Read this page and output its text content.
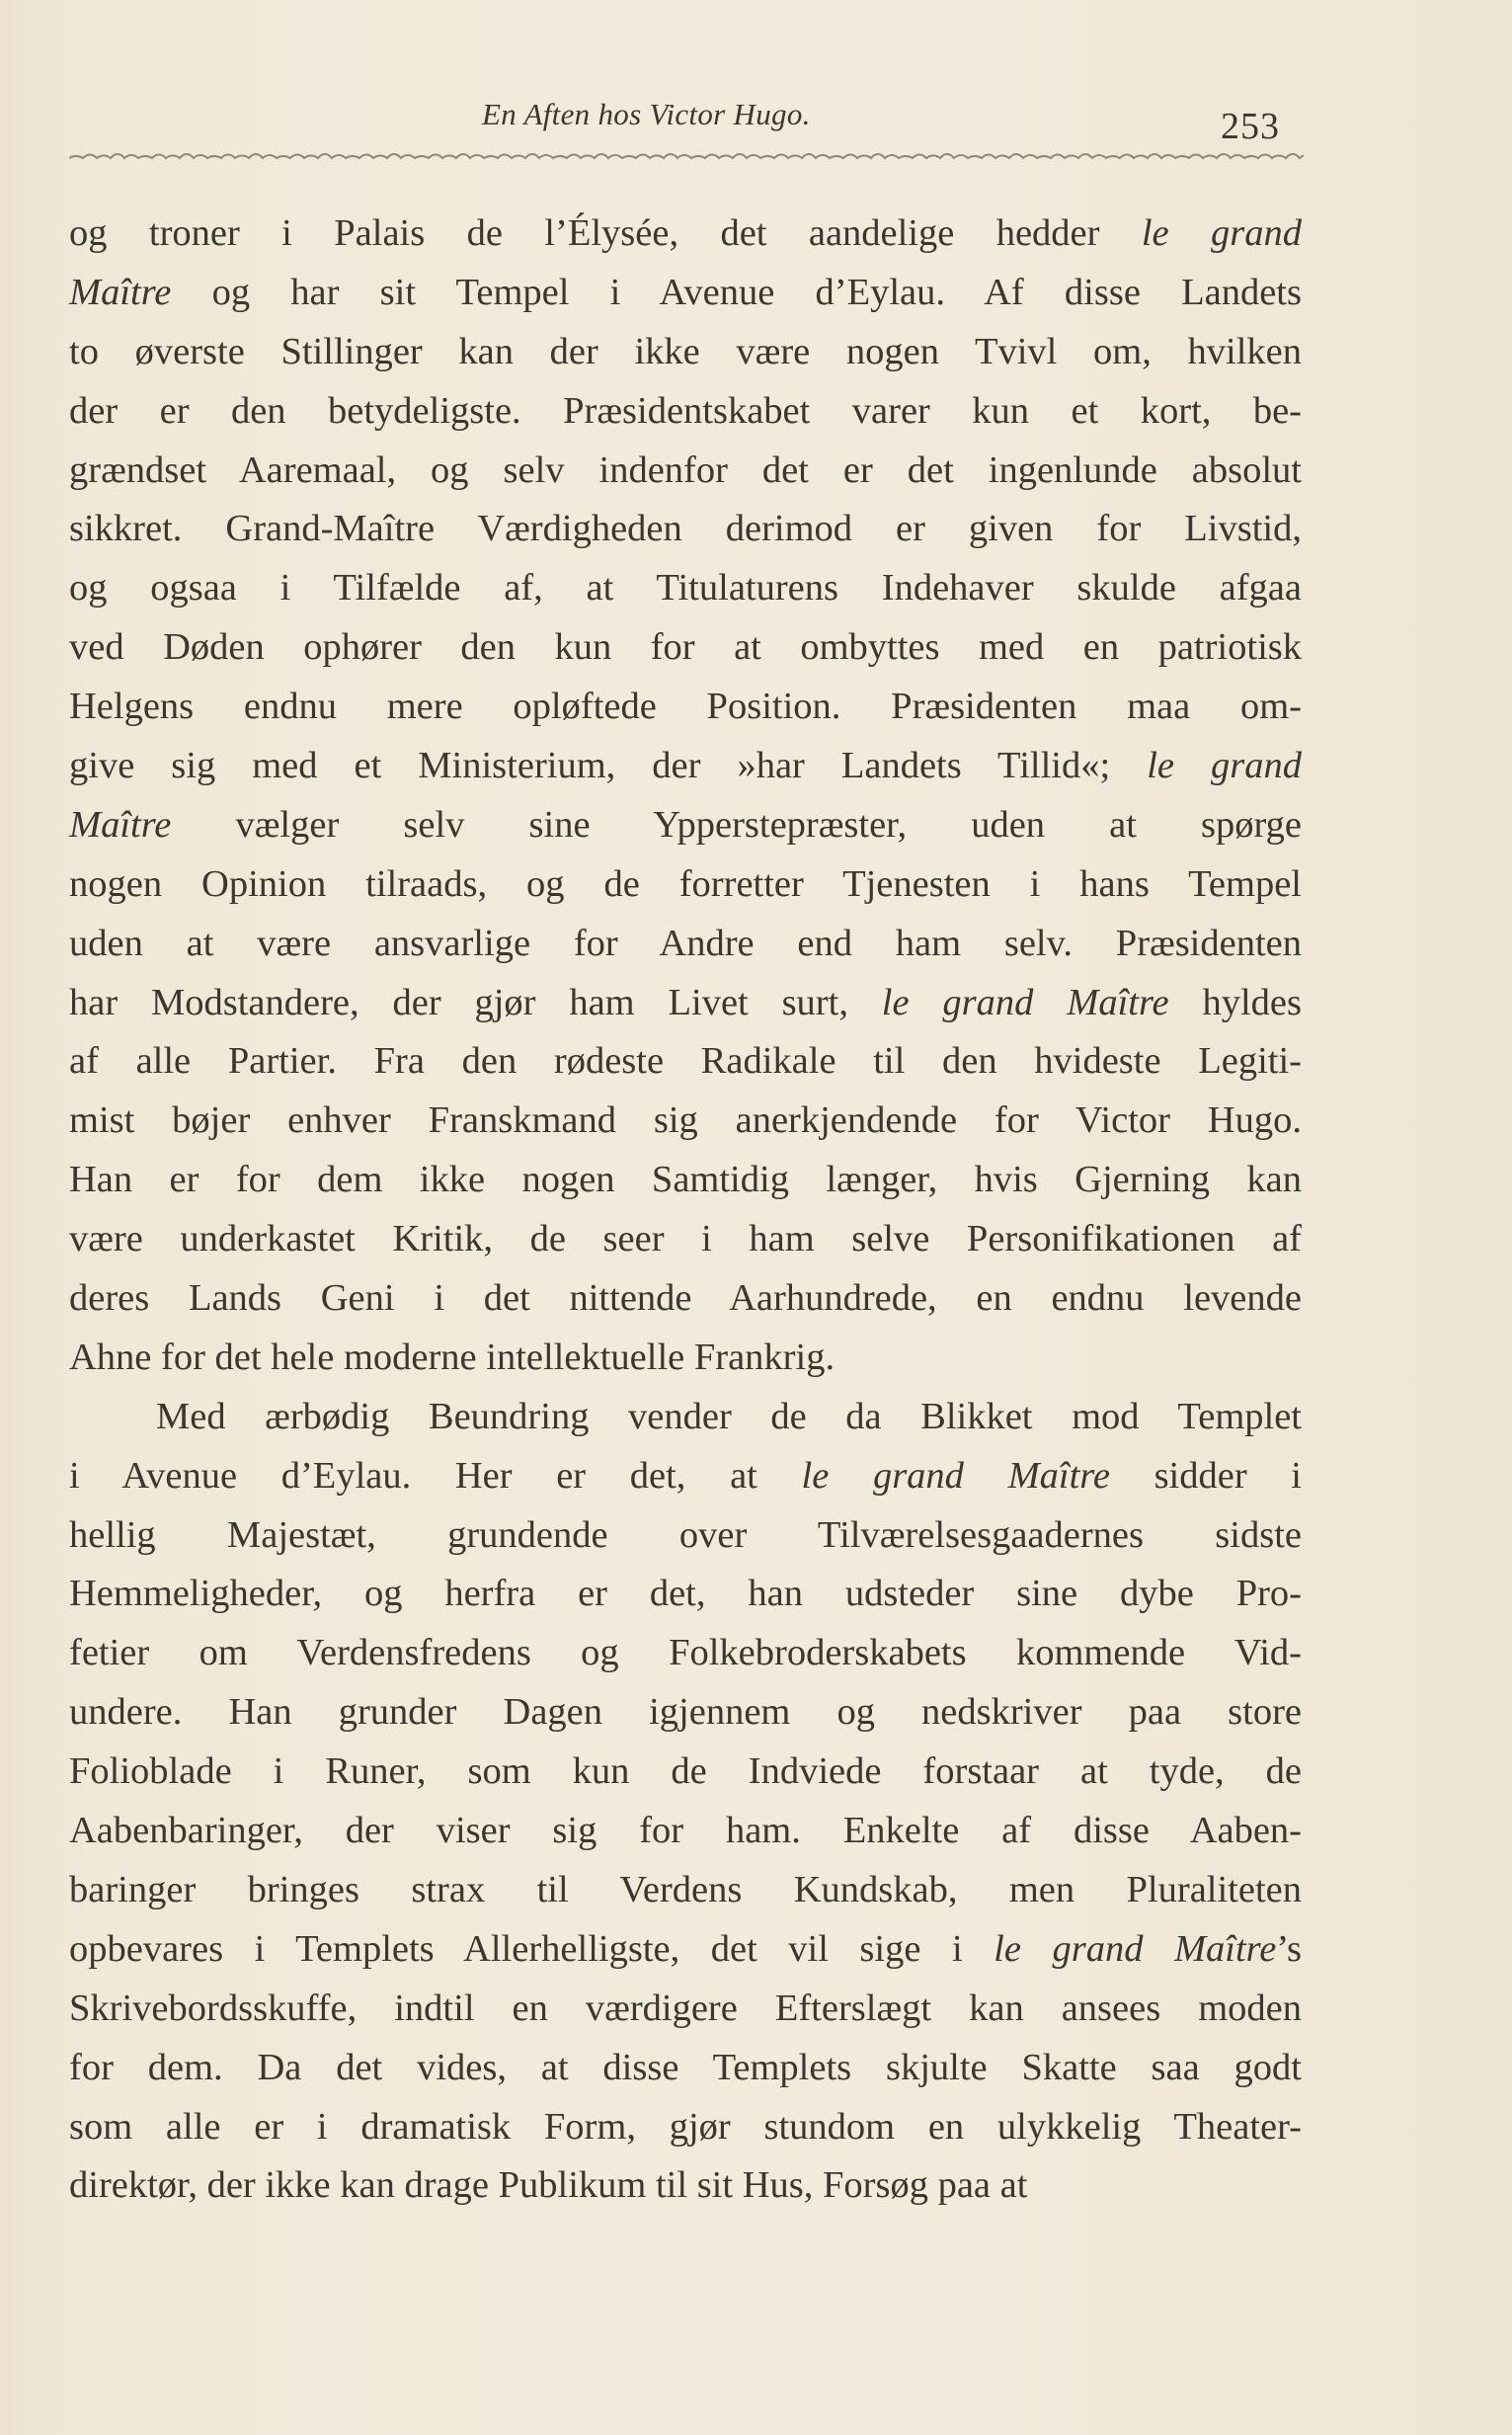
En Aften hos Victor Hugo.	253
og troner i Palais de l’Élysée, det aandelige hedder le grand
Maître og har sit Tempel i Avenue d’Eylau. Af disse Landets
to øverste Stillinger kan der ikke være nogen Tvivl om, hvilken
der er den betydeligste. Præsidentskabet varer kun et kort, be-
grændset Aaremaal, og selv indenfor det er det ingenlunde absolut
sikkret. Grand-Maître Værdigheden derimod er given for Livstid,
og ogsaa i Tilfælde af, at Titulaturens Indehaver skulde afgaa
ved Døden ophører den kun for at ombyttes med en patriotisk
Helgens endnu mere opløftede Position. Præsidenten maa om-
give sig med et Ministerium, der »har Landets Tillid«; le grand
Maître vælger selv sine Ypperstepræster, uden at spørge
nogen Opinion tilraads, og de forretter Tjenesten i hans Tempel
uden at være ansvarlige for Andre end ham selv. Præsidenten
har Modstandere, der gjør ham Livet surt, le grand Maître hyldes
af alle Partier. Fra den rødeste Radikale til den hvideste Legiti-
mist bøjer enhver Franskmand sig anerkjendende for Victor Hugo.
Han er for dem ikke nogen Samtidig længer, hvis Gjerning kan
være underkastet Kritik, de seer i ham selve Personifikationen af
deres Lands Geni i det nittende Aarhundrede, en endnu levende
Ahne for det hele moderne intellektuelle Frankrig.
Med ærbødig Beundring vender de da Blikket mod Templet
i Avenue d’Eylau. Her er det, at le grand Maître sidder i
hellig Majestæt, grundende over Tilværelsesgaadernes sidste
Hemmeligheder, og herfra er det, han udsteder sine dybe Pro-
fetier om Verdensfredens og Folkebroderskabets kommende Vid-
undere. Han grunder Dagen igjennem og nedskriver paa store
Folioblade i Runer, som kun de Indviede forstaar at tyde, de
Aabenbaringer, der viser sig for ham. Enkelte af disse Aaben-
baringer bringes strax til Verdens Kundskab, men Pluraliteten
opbevares i Templets Allerhelligste, det vil sige i le grand Maître’s
Skrivebordsskuffe, indtil en værdigere Efterslægt kan ansees moden
for dem. Da det vides, at disse Templets skjulte Skatte saa godt
som alle er i dramatisk Form, gjør stundom en ulykkelig Theater-
direktør, der ikke kan drage Publikum til sit Hus, Forsøg paa at
